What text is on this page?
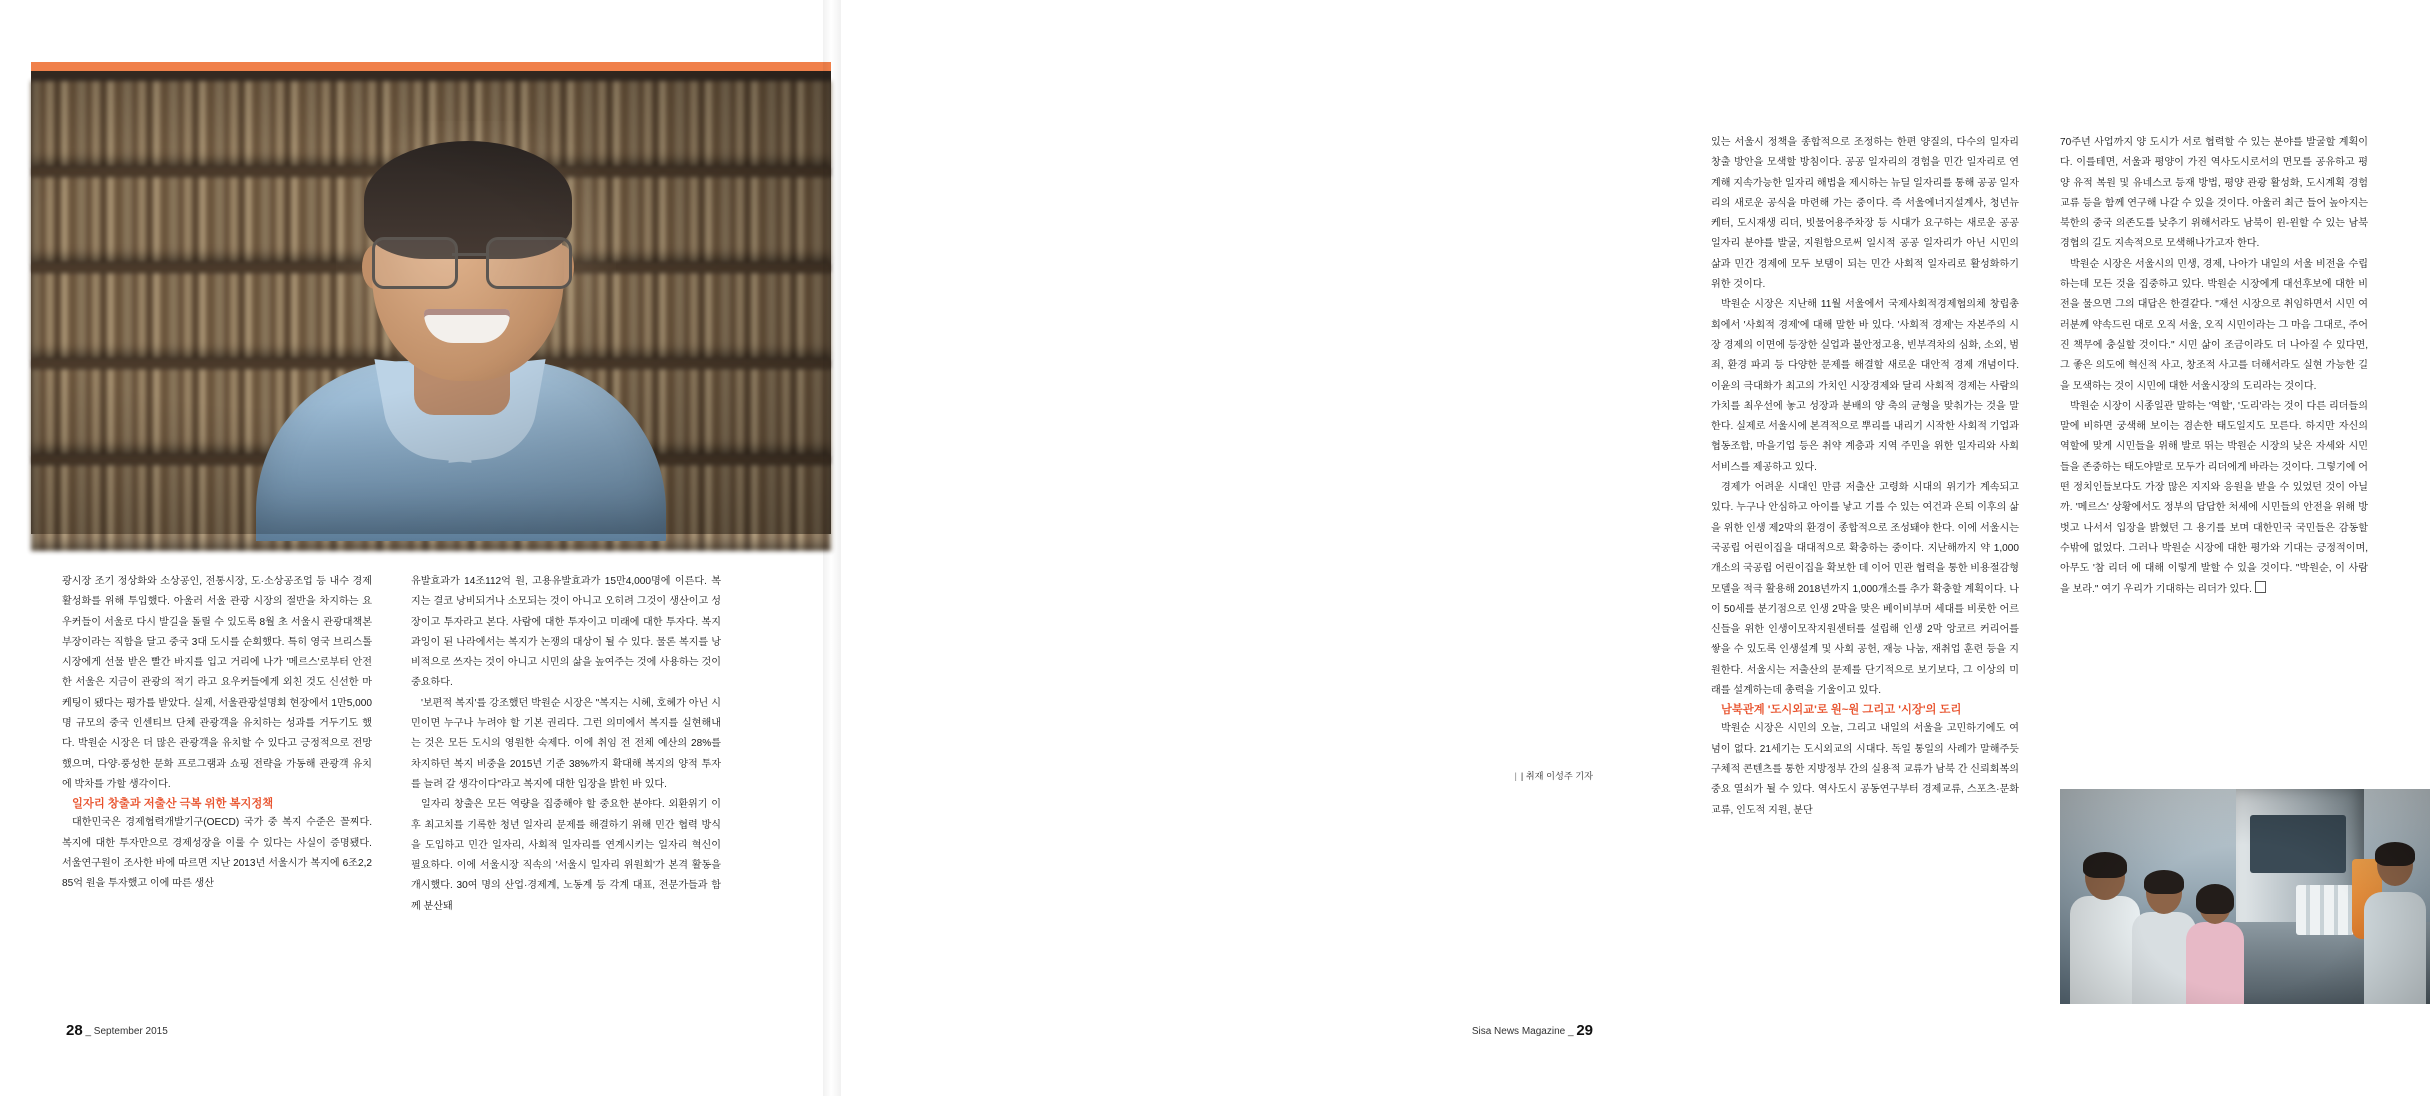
광시장 조기 정상화와 소상공인, 전통시장, 도·소상공조업 등 내수 경제 활성화를 위해 투입했다. 아울러 서울 관광 시장의 절반을 차지하는 요우커들이 서울로 다시 발길을 돌릴 수 있도록 8월 초 서울시 관광대책본부장이라는 직함을 달고 중국 3대 도시를 순회했다. 특히 영국 브리스톨 시장에게 선물 받은 빨간 바지를 입고 거리에 나가 '메르스'로부터 안전한 서울은 지금이 관광의 적기 라고 요우커들에게 외친 것도 신선한 마케팅이 됐다는 평가를 받았다. 실제, 서울관광설명회 현장에서 1만5,000명 규모의 중국 인센티브 단체 관광객을 유치하는 성과를 거두기도 했다. 박원순 시장은 더 많은 관광객을 유치할 수 있다고 긍정적으로 전망했으며, 다양·풍성한 문화 프로그램과 쇼핑 전략을 가동해 관광객 유치에 박차를 가할 생각이다.

일자리 창출과 저출산 극복 위한 복지정책

대한민국은 경제협력개발기구(OECD) 국가 중 복지 수준은 꼴찌다. 복지에 대한 투자만으로 경제성장을 이룰 수 있다는 사실이 증명됐다. 서울연구원이 조사한 바에 따르면 지난 2013년 서울시가 복지에 6조2,285억 원을 투자했고 이에 따른 생산

유발효과가 14조112억 원, 고용유발효과가 15만4,000명에 이른다. 복지는 결코 낭비되거나 소모되는 것이 아니고 오히려 그것이 생산이고 성장이고 투자라고 본다. 사람에 대한 투자이고 미래에 대한 투자다. 복지 과잉이 된 나라에서는 복지가 논쟁의 대상이 될 수 있다. 물론 복지를 낭비적으로 쓰자는 것이 아니고 시민의 삶을 높여주는 것에 사용하는 것이 중요하다.

'보편적 복지'를 강조했던 박원순 시장은 "복지는 시혜, 호혜가 아닌 시민이면 누구나 누려야 할 기본 권리다. 그런 의미에서 복지를 실현해내는 것은 모든 도시의 영원한 숙제다. 이에 취임 전 전체 예산의 28%를 차지하던 복지 비중을 2015년 기준 38%까지 확대해 복지의 양적 투자를 늘려 갈 생각이다"라고 복지에 대한 입장을 밝힌 바 있다.

일자리 창출은 모든 역량을 집중해야 할 중요한 분야다. 외환위기 이후 최고치를 기록한 청년 일자리 문제를 해결하기 위해 민간 협력 방식을 도입하고 민간 일자리, 사회적 일자리를 연계시키는 일자리 혁신이 필요하다. 이에 서울시장 직속의 '서울시 일자리 위원회'가 본격 활동을 개시했다. 30여 명의 산업·경제계, 노동계 등 각계 대표, 전문가들과 함께 분산돼

28 _ September 2015

있는 서울시 정책을 종합적으로 조정하는 한편 양질의, 다수의 일자리 창출 방안을 모색할 방침이다. 공공 일자리의 경험을 민간 일자리로 연계해 지속가능한 일자리 해법을 제시하는 뉴딜 일자리를 통해 공공 일자리의 새로운 공식을 마련해 가는 중이다. 즉 서울에너지설계사, 청년뉴케터, 도시재생 리더, 빗물어용주차장 등 시대가 요구하는 새로운 공공 일자리 분야를 발굴, 지원함으로써 일시적 공공 일자리가 아닌 시민의 삶과 민간 경제에 모두 보탬이 되는 민간 사회적 일자리로 활성화하기 위한 것이다.

박원순 시장은 지난해 11월 서울에서 국제사회적경제협의체 창립총회에서 '사회적 경제'에 대해 말한 바 있다. '사회적 경제'는 자본주의 시장 경제의 이면에 등장한 실업과 불안정고용, 빈부격차의 심화, 소외, 범죄, 환경 파괴 등 다양한 문제를 해결할 새로운 대안적 경제 개념이다. 이윤의 극대화가 최고의 가치인 시장경제와 달리 사회적 경제는 사람의 가치를 최우선에 놓고 성장과 분배의 양 축의 균형을 맞춰가는 것을 말한다. 실제로 서울시에 본격적으로 뿌리를 내리기 시작한 사회적 기업과 협동조합, 마을기업 등은 취약 계층과 지역 주민을 위한 일자리와 사회서비스를 제공하고 있다.

경제가 어려운 시대인 만큼 저출산 고령화 시대의 위기가 계속되고 있다. 누구나 안심하고 아이를 낳고 기를 수 있는 여건과 은퇴 이후의 삶을 위한 인생 제2막의 환경이 종합적으로 조성돼야 한다. 이에 서울시는 국공립 어린이집을 대대적으로 확충하는 중이다. 지난해까지 약 1,000개소의 국공립 어린이집을 확보한 데 이어 민관 협력을 통한 비용절감형 모델을 적극 활용해 2018년까지 1,000개소를 추가 확충할 계획이다. 나이 50세를 분기점으로 인생 2막을 맞은 베이비부머 세대를 비롯한 어르신들을 위한 인생이모작지원센터를 설립해 인생 2막 앙코르 커리어를 쌓을 수 있도록 인생설계 및 사회 공헌, 재능 나눔, 재취업 훈련 등을 지원한다. 서울시는 저출산의 문제를 단기적으로 보기보다, 그 이상의 미래를 설계하는데 총력을 기울이고 있다.

남북관계 '도시외교'로 원~원 그리고 '시장'의 도리

박원순 시장은 시민의 오늘, 그리고 내일의 서울을 고민하기에도 여념이 없다. 21세기는 도시외교의 시대다. 독일 통일의 사례가 말해주듯 구체적 콘텐츠를 통한 지방정부 간의 실용적 교류가 남북 간 신뢰회복의 중요 열쇠가 될 수 있다. 역사도시 공동연구부터 경제교류, 스포츠·문화교류, 인도적 지원, 분단

70주년 사업까지 양 도시가 서로 협력할 수 있는 분야를 발굴할 계획이다. 이를테면, 서울과 평양이 가진 역사도시로서의 면모를 공유하고 평양 유적 복원 및 유네스코 등재 방법, 평양 관광 활성화, 도시계획 경험 교류 등을 함께 연구해 나갈 수 있을 것이다. 아울러 최근 들어 높아지는 북한의 중국 의존도를 낮추기 위해서라도 남북이 윈-윈할 수 있는 남북경협의 길도 지속적으로 모색해나가고자 한다.

박원순 시장은 서울시의 민생, 경제, 나아가 내일의 서울 비전을 수립하는데 모든 것을 집중하고 있다. 박원순 시장에게 대선후보에 대한 비전을 물으면 그의 대답은 한결같다. "재선 시장으로 취임하면서 시민 여러분께 약속드린 대로 오직 서울, 오직 시민이라는 그 마음 그대로, 주어진 책무에 충실할 것이다." 시민 삶이 조금이라도 더 나아질 수 있다면, 그 좋은 의도에 혁신적 사고, 창조적 사고를 더해서라도 실현 가능한 길을 모색하는 것이 시민에 대한 서울시장의 도리라는 것이다.

박원순 시장이 시종일관 말하는 '역할', '도리'라는 것이 다른 리더들의 말에 비하면 궁색해 보이는 겸손한 태도일지도 모른다. 하지만 자신의 역할에 맞게 시민들을 위해 발로 뛰는 박원순 시장의 낮은 자세와 시민들을 존중하는 태도야말로 모두가 리더에게 바라는 것이다. 그렇기에 어떤 정치인들보다도 가장 많은 지지와 응원을 받을 수 있었던 것이 아닐까. '메르스' 상황에서도 정부의 답답한 처세에 시민들의 안전을 위해 방 벗고 나서서 입장을 밝혔던 그 용기를 보며 대한민국 국민들은 감동할 수밖에 없었다. 그러나 박원순 시장에 대한 평가와 기대는 긍정적이며, 아무도 '참 리더 에 대해 이렇게 발할 수 있을 것이다. "박원순, 이 사람을 보라." 여기 우리가 기대하는 리더가 있다.

| | 취재 이성주 기자
Sisa News Magazine _ 29
